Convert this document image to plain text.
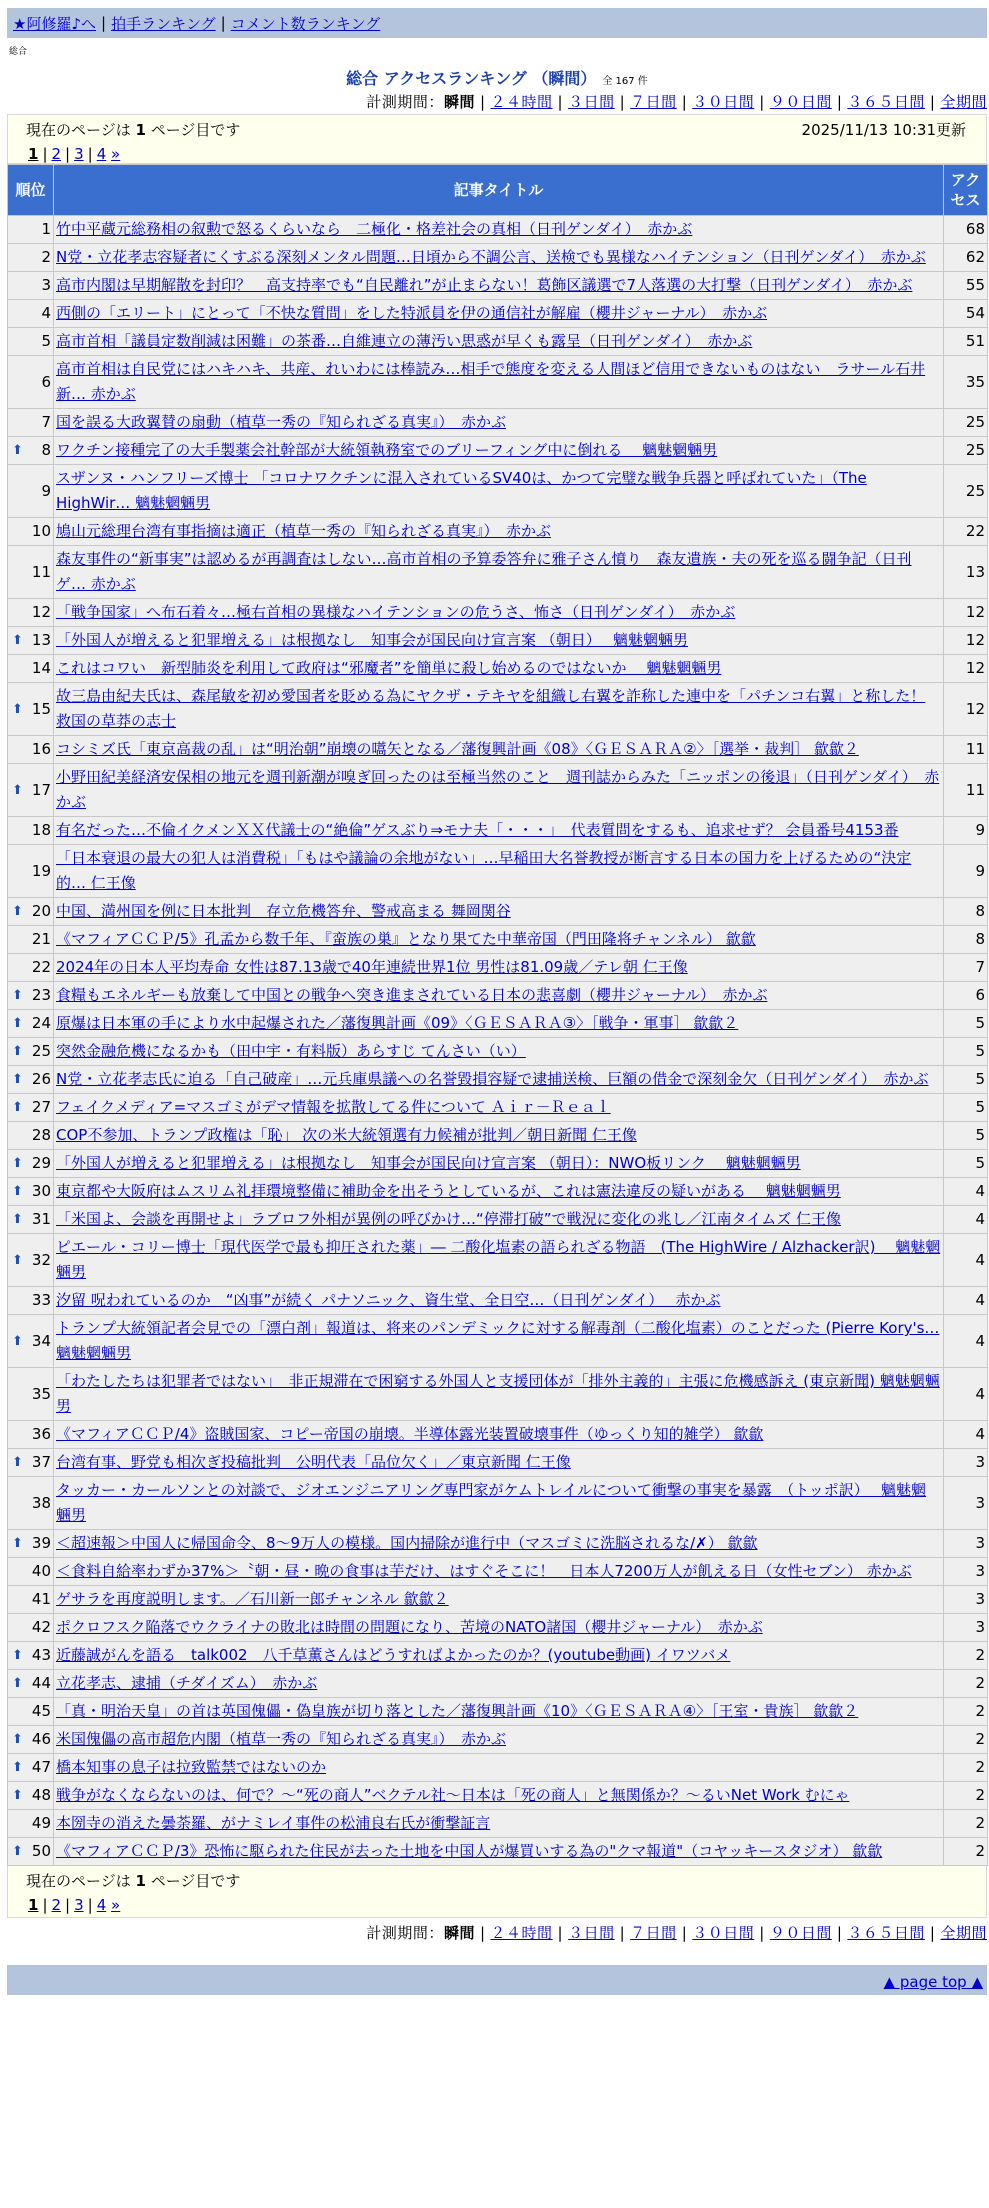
★阿修羅♪へ | 拍手ランキング | コメント数ランキング
総合
総合 アクセスランキング （瞬間） 全 167 件
計測期間：瞬間 | ２４時間 | ３日間 | ７日間 | ３０日間 | ９０日間 | ３６５日間 | 全期間
現在のページは 1 ページ目です	2025/11/13 10:31更新
1 | 2 | 3 | 4 »
順位	記事タイトル	アクセス
1	竹中平蔵元総務相の叙勲で怒るくらいなら　二極化・格差社会の真相（日刊ゲンダイ）　赤かぶ	68
2	N党・立花孝志容疑者にくすぶる深刻メンタル問題…日頃から不調公言、送検でも異様なハイテンション（日刊ゲンダイ）　赤かぶ	62
3	高市内閣は早期解散を封印？　高支持率でも“自民離れ”が止まらない！葛飾区議選で7人落選の大打撃（日刊ゲンダイ）　赤かぶ	55
4	西側の「エリート」にとって「不快な質問」をした特派員を伊の通信社が解雇（櫻井ジャーナル）　赤かぶ	54
5	高市首相「議員定数削減は困難」の茶番…自維連立の薄汚い思惑が早くも露呈（日刊ゲンダイ）　赤かぶ	51
6	高市首相は自民党にはハキハキ、共産、れいわには棒読み…相手で態度を変える人間ほど信用できないものはない　ラサール石井 新… 赤かぶ	35
7	国を誤る大政翼賛の扇動（植草一秀の『知られざる真実』）　赤かぶ	25

⬆ 8	ワクチン接種完了の大手製薬会社幹部が大統領執務室でのブリーフィング中に倒れる　 魑魅魍魎男	25
9	スザンヌ・ハンフリーズ博士 「コロナワクチンに混入されているSV40は、かつて完璧な戦争兵器と呼ばれていた」（The HighWir… 魑魅魍魎男	25
10	鳩山元総理台湾有事指摘は適正（植草一秀の『知られざる真実』）　赤かぶ	22
11	森友事件の“新事実”は認めるが再調査はしない…高市首相の予算委答弁に雅子さん憤り　森友遺族・夫の死を巡る闘争記（日刊ゲ… 赤かぶ	13
12	「戦争国家」へ布石着々…極右首相の異様なハイテンションの危うさ、怖さ（日刊ゲンダイ）　赤かぶ	12

⬆ 13	「外国人が増えると犯罪増える」は根拠なし　知事会が国民向け宣言案 （朝日）　 魑魅魍魎男	12
14	これはコワい　新型肺炎を利用して政府は“邪魔者”を簡単に殺し始めるのではないか　 魑魅魍魎男	12

⬆ 15	故三島由紀夫氏は、森尾敏を初め愛国者を貶める為にヤクザ・テキヤを組織し右翼を詐称した連中を「パチンコ右翼」と称した！ 救国の草莽の志士	12
16	コシミズ氏「東京高裁の乱」は“明治朝”崩壊の嚆矢となる／藩復興計画《08》〈ＧＥＳＡＲＡ②〉［選挙・裁判］ 歙歙２	11

⬆ 17	小野田紀美経済安保相の地元を週刊新潮が嗅ぎ回ったのは至極当然のこと　週刊誌からみた「ニッポンの後退」（日刊ゲンダイ）　赤かぶ	11
18	有名だった…不倫イクメンＸＸ代議士の“絶倫”ゲスぶり⇒モナ夫「・・・」　代表質問をするも、追求せず？ 会員番号4153番	9
19	「日本衰退の最大の犯人は消費税」「もはや議論の余地がない」…早稲田大名誉教授が断言する日本の国力を上げるための“決定的… 仁王像	9

⬆ 20	中国、満州国を例に日本批判　存立危機答弁、警戒高まる 舞岡関谷	8
21	《マフィアＣＣＰ/5》孔孟から数千年、『蛮族の巣』となり果てた中華帝国（門田隆将チャンネル） 歙歙	8
22	2024年の日本人平均寿命 女性は87.13歳で40年連続世界1位 男性は81.09歳／テレ朝 仁王像	7

⬆ 23	食糧もエネルギーも放棄して中国との戦争へ突き進まされている日本の悲喜劇（櫻井ジャーナル）　赤かぶ	6

⬆ 24	原爆は日本軍の手により水中起爆された／藩復興計画《09》〈ＧＥＳＡＲＡ③〉［戦争・軍事］ 歙歙２	5

⬆ 25	突然金融危機になるかも（田中宇・有料版）あらすじ てんさい（い）	5

⬆ 26	N党・立花孝志氏に迫る「自己破産」…元兵庫県議への名誉毀損容疑で逮捕送検、巨額の借金で深刻金欠（日刊ゲンダイ）　赤かぶ	5

⬆ 27	フェイクメディア=マスゴミがデマ情報を拡散してる件について Ａｉｒ－Ｒｅａｌ	5
28	COP不参加、トランプ政権は「恥」 次の米大統領選有力候補が批判／朝日新聞 仁王像	5

⬆ 29	「外国人が増えると犯罪増える」は根拠なし　知事会が国民向け宣言案 （朝日）：NWO板リンク　 魑魅魍魎男	5

⬆ 30	東京都や大阪府はムスリム礼拝環境整備に補助金を出そうとしているが、これは憲法違反の疑いがある　 魑魅魍魎男	4

⬆ 31	「米国よ、会談を再開せよ」ラブロフ外相が異例の呼びかけ…“停滞打破”で戦況に変化の兆し／江南タイムズ 仁王像	4

⬆ 32	ピエール・コリー博士「現代医学で最も抑圧された薬」― 二酸化塩素の語られざる物語　(The HighWire / Alzhacker訳)　 魑魅魍魎男	4
33	汐留 呪われているのか　“凶事”が続く パナソニック、資生堂、全日空…（日刊ゲンダイ）　 赤かぶ	4

⬆ 34	トランプ大統領記者会見での「漂白剤」報道は、将来のパンデミックに対する解毒剤（二酸化塩素）のことだった (Pierre Kory's… 魑魅魍魎男	4
35	「わたしたちは犯罪者ではない」　非正規滞在で困窮する外国人と支援団体が「排外主義的」主張に危機感訴え (東京新聞) 魑魅魍魎男	4
36	《マフィアＣＣＰ/4》盗賊国家、コピー帝国の崩壊。半導体露光装置破壊事件（ゆっくり知的雑学） 歙歙	4

⬆ 37	台湾有事、野党も相次ぎ投稿批判　公明代表「品位欠く」／東京新聞 仁王像	3
38	タッカー・カールソンとの対談で、ジオエンジニアリング専門家がケムトレイルについて衝撃の事実を暴露　（トッポ訳）　 魑魅魍魎男	3

⬆ 39	＜超速報＞中国人に帰国命令、8～9万人の模様。国内掃除が進行中（マスゴミに洗脳されるな/✗） 歙歙	3
40	＜食料自給率わずか37%＞〝朝・昼・晩の食事は芋だけ、はすぐそこに！　日本人7200万人が飢える日（女性セブン） 赤かぶ	3
41	ゲサラを再度説明します。／石川新一郎チャンネル 歙歙２	3
42	ポクロフスク陥落でウクライナの敗北は時間の問題になり、苦境のNATO諸国（櫻井ジャーナル）　赤かぶ	3

⬆ 43	近藤誠がんを語る　talk002　八千草薫さんはどうすればよかったのか？(youtube動画) イワツバメ	2

⬆ 44	立花孝志、逮捕（チダイズム）　赤かぶ	2
45	「真・明治天皇」の首は英国傀儡・偽皇族が切り落とした／藩復興計画《10》〈ＧＥＳＡＲＡ④〉［王室・貴族］ 歙歙２	2

⬆ 46	米国傀儡の高市超危内閣（植草一秀の『知られざる真実』）　赤かぶ	2

⬆ 47	橋本知事の息子は拉致監禁ではないのか	2

⬆ 48	戦争がなくならないのは、何で？～“死の商人”ベクテル社～日本は「死の商人」と無関係か？～るいNet Work むにゃ	2
49	本圀寺の消えた曇荼羅、がナミレイ事件の松浦良右氏が衝撃証言	2

⬆ 50	《マフィアＣＣＰ/3》恐怖に駆られた住民が去った土地を中国人が爆買いする為の"クマ報道"（コヤッキースタジオ） 歙歙	2
現在のページは 1 ページ目です
1 | 2 | 3 | 4 »
計測期間：瞬間 | ２４時間 | ３日間 | ７日間 | ３０日間 | ９０日間 | ３６５日間 | 全期間
▲ page top ▲
